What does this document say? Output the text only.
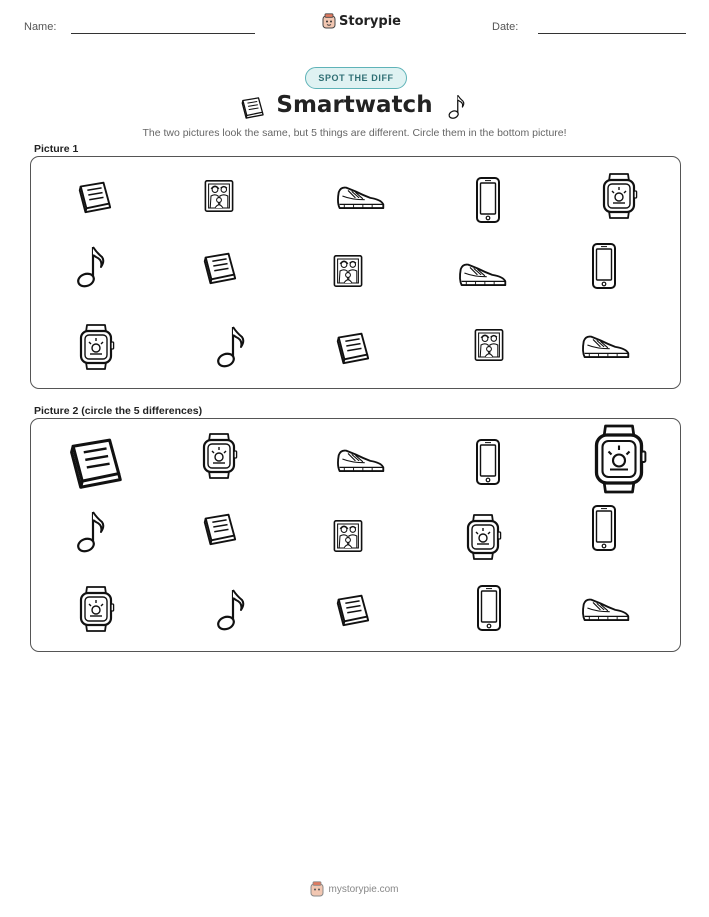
Name:	Storypie	Date:
SPOT THE DIFF
Smartwatch
The two pictures look the same, but 5 things are different. Circle them in the bottom picture!
Picture 1
Picture 2 (circle the 5 differences)
mystorypie.com
